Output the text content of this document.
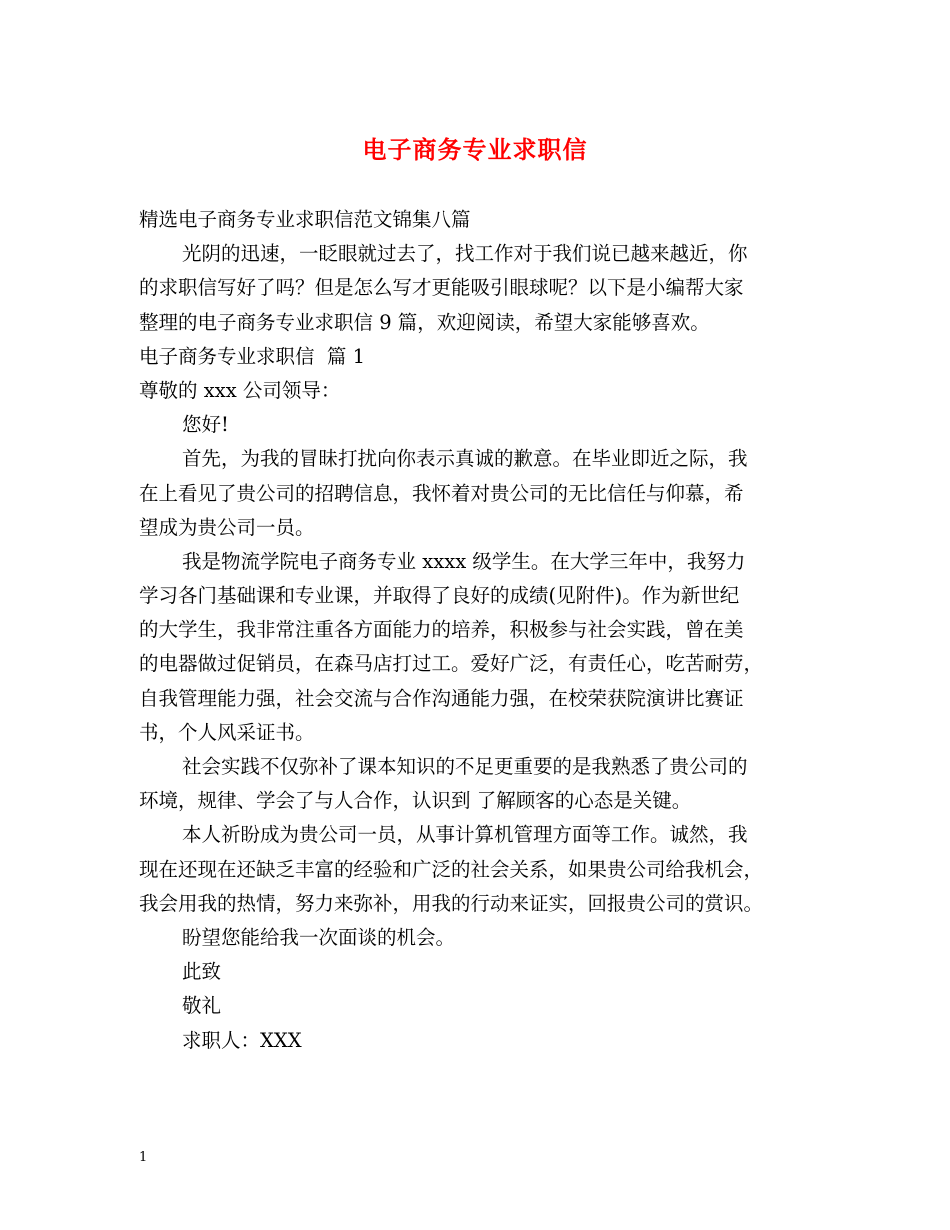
电子商务专业求职信
精选电子商务专业求职信范文锦集八篇
光阴的迅速，一眨眼就过去了，找工作对于我们说已越来越近，你
的求职信写好了吗？但是怎么写才更能吸引眼球呢？以下是小编帮大家
整理的电子商务专业求职信 9 篇，欢迎阅读，希望大家能够喜欢。
电子商务专业求职信  篇 1
尊敬的 xxx 公司领导：
您好!
首先，为我的冒昧打扰向你表示真诚的歉意。在毕业即近之际，我
在上看见了贵公司的招聘信息，我怀着对贵公司的无比信任与仰慕，希
望成为贵公司一员。
我是物流学院电子商务专业 xxxx 级学生。在大学三年中，我努力
学习各门基础课和专业课，并取得了良好的成绩(见附件)。作为新世纪
的大学生，我非常注重各方面能力的培养，积极参与社会实践，曾在美
的电器做过促销员，在森马店打过工。爱好广泛，有责任心，吃苦耐劳，
自我管理能力强，社会交流与合作沟通能力强，在校荣获院演讲比赛证
书，个人风采证书。
社会实践不仅弥补了课本知识的不足更重要的是我熟悉了贵公司的
环境，规律、学会了与人合作，认识到 了解顾客的心态是关键。
本人祈盼成为贵公司一员，从事计算机管理方面等工作。诚然，我
现在还现在还缺乏丰富的经验和广泛的社会关系，如果贵公司给我机会，
我会用我的热情，努力来弥补，用我的行动来证实，回报贵公司的赏识。
盼望您能给我一次面谈的机会。
此致
敬礼
求职人：XXX
1
